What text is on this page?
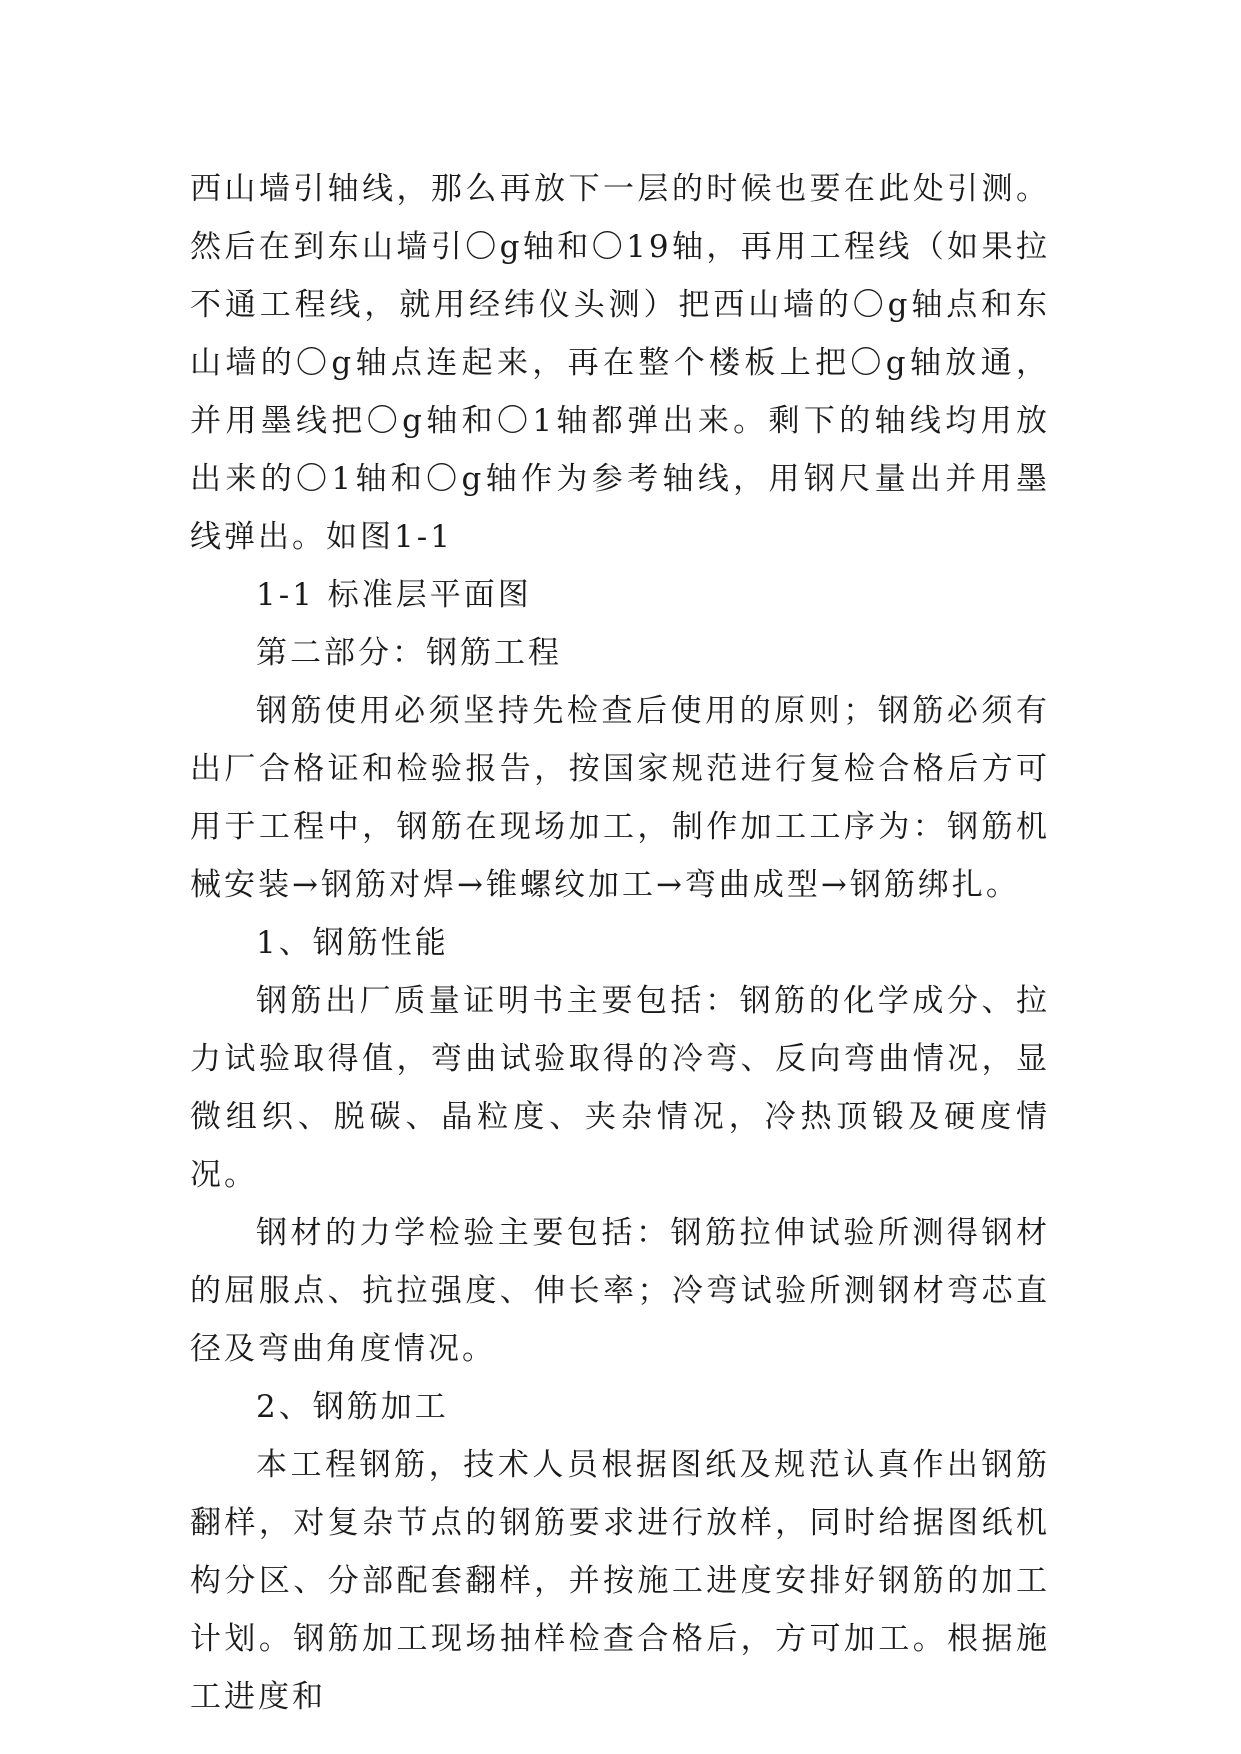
西山墙引轴线，那么再放下一层的时候也要在此处引测。然后在到东山墙引〇g轴和〇19轴，再用工程线（如果拉不通工程线，就用经纬仪头测）把西山墙的〇g轴点和东山墙的〇g轴点连起来，再在整个楼板上把〇g轴放通，并用墨线把〇g轴和〇1轴都弹出来。剩下的轴线均用放出来的〇1轴和〇g轴作为参考轴线，用钢尺量出并用墨线弹出。如图1-1

1-1 标准层平面图

第二部分：钢筋工程

钢筋使用必须坚持先检查后使用的原则；钢筋必须有出厂合格证和检验报告，按国家规范进行复检合格后方可用于工程中，钢筋在现场加工，制作加工工序为：钢筋机械安装→钢筋对焊→锥螺纹加工→弯曲成型→钢筋绑扎。

1、钢筋性能

钢筋出厂质量证明书主要包括：钢筋的化学成分、拉力试验取得值，弯曲试验取得的冷弯、反向弯曲情况，显微组织、脱碳、晶粒度、夹杂情况，冷热顶锻及硬度情况。

钢材的力学检验主要包括：钢筋拉伸试验所测得钢材的屈服点、抗拉强度、伸长率；冷弯试验所测钢材弯芯直径及弯曲角度情况。

2、钢筋加工

本工程钢筋，技术人员根据图纸及规范认真作出钢筋翻样，对复杂节点的钢筋要求进行放样，同时给据图纸机构分区、分部配套翻样，并按施工进度安排好钢筋的加工计划。钢筋加工现场抽样检查合格后，方可加工。根据施工进度和
